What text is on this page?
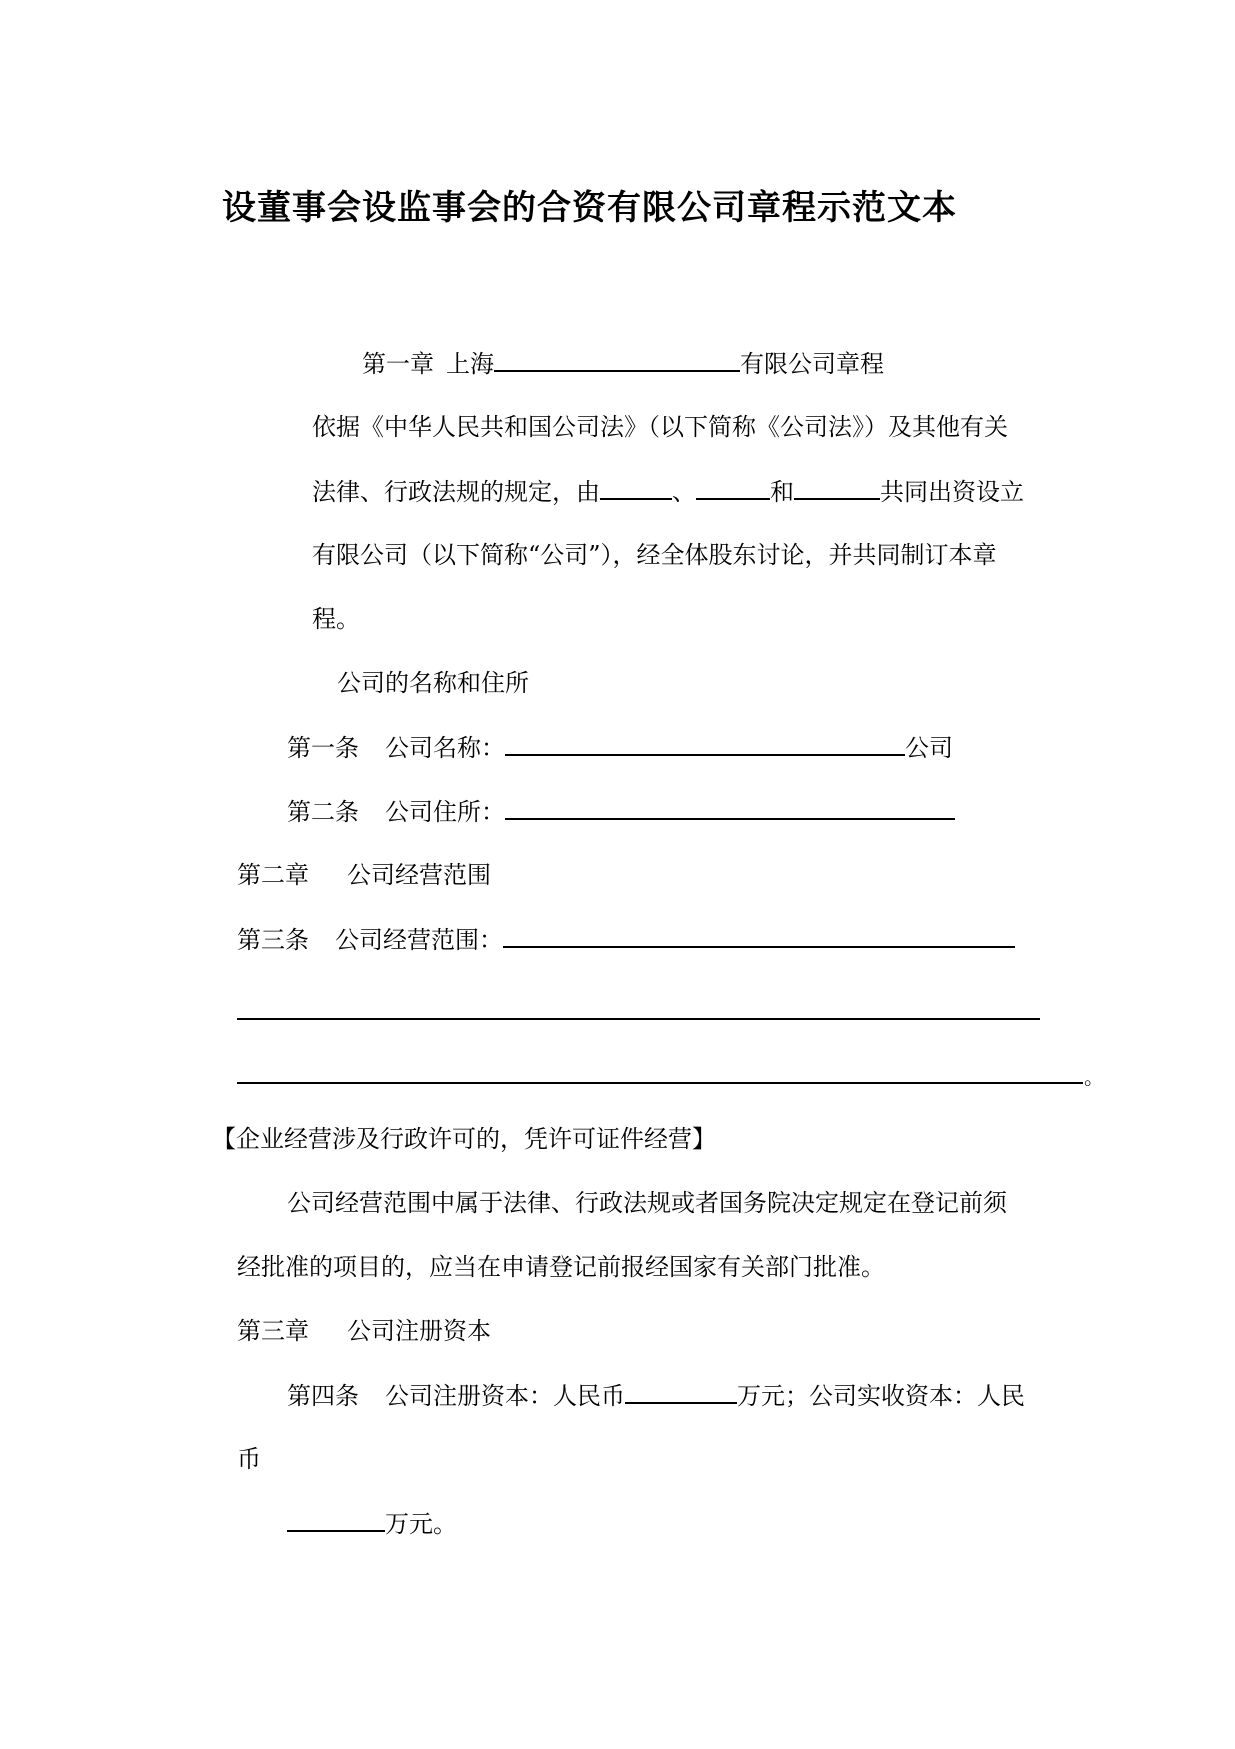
设董事会设监事会的合资有限公司章程示范文本
第一章 上海	有限公司章程
依据《中华人民共和国公司法》（以下简称《公司法》）及其他有关
法律、行政法规的规定，由	、	和	共同出资设立
有限公司（以下简称“公司”），经全体股东讨论，并共同制订本章
程。
公司的名称和住所
第一条 公司名称：	公司
第二条 公司住所：
第二章 公司经营范围
第三条 公司经营范围：
。
【企业经营涉及行政许可的，凭许可证件经营】
公司经营范围中属于法律、行政法规或者国务院决定规定在登记前须
经批准的项目的，应当在申请登记前报经国家有关部门批准。
第三章 公司注册资本
第四条 公司注册资本：人民币	万元；公司实收资本：人民
币
万元。
